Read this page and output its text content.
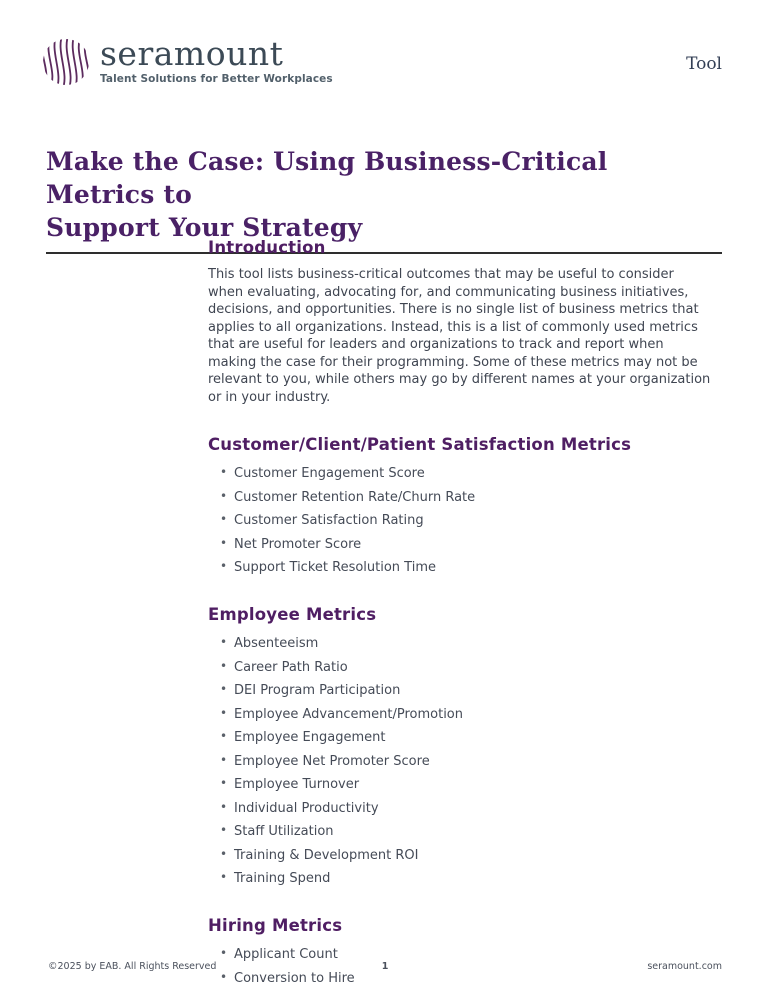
seramount
Talent Solutions for Better Workplaces
Tool
Make the Case: Using Business-Critical Metrics to
Support Your Strategy
Introduction

This tool lists business-critical outcomes that may be useful to consider when evaluating, advocating for, and communicating business initiatives, decisions, and opportunities. There is no single list of business metrics that applies to all organizations. Instead, this is a list of commonly used metrics that are useful for leaders and organizations to track and report when making the case for their programming. Some of these metrics may not be relevant to you, while others may go by different names at your organization or in your industry.

Customer/Client/Patient Satisfaction Metrics
• Customer Engagement Score
• Customer Retention Rate/Churn Rate
• Customer Satisfaction Rating
• Net Promoter Score
• Support Ticket Resolution Time
Employee Metrics
• Absenteeism
• Career Path Ratio
• DEI Program Participation
• Employee Advancement/Promotion
• Employee Engagement
• Employee Net Promoter Score
• Employee Turnover
• Individual Productivity
• Staff Utilization
• Training & Development ROI
• Training Spend
Hiring Metrics
• Applicant Count
• Conversion to Hire
©2025 by EAB. All Rights Reserved	1	seramount.com
